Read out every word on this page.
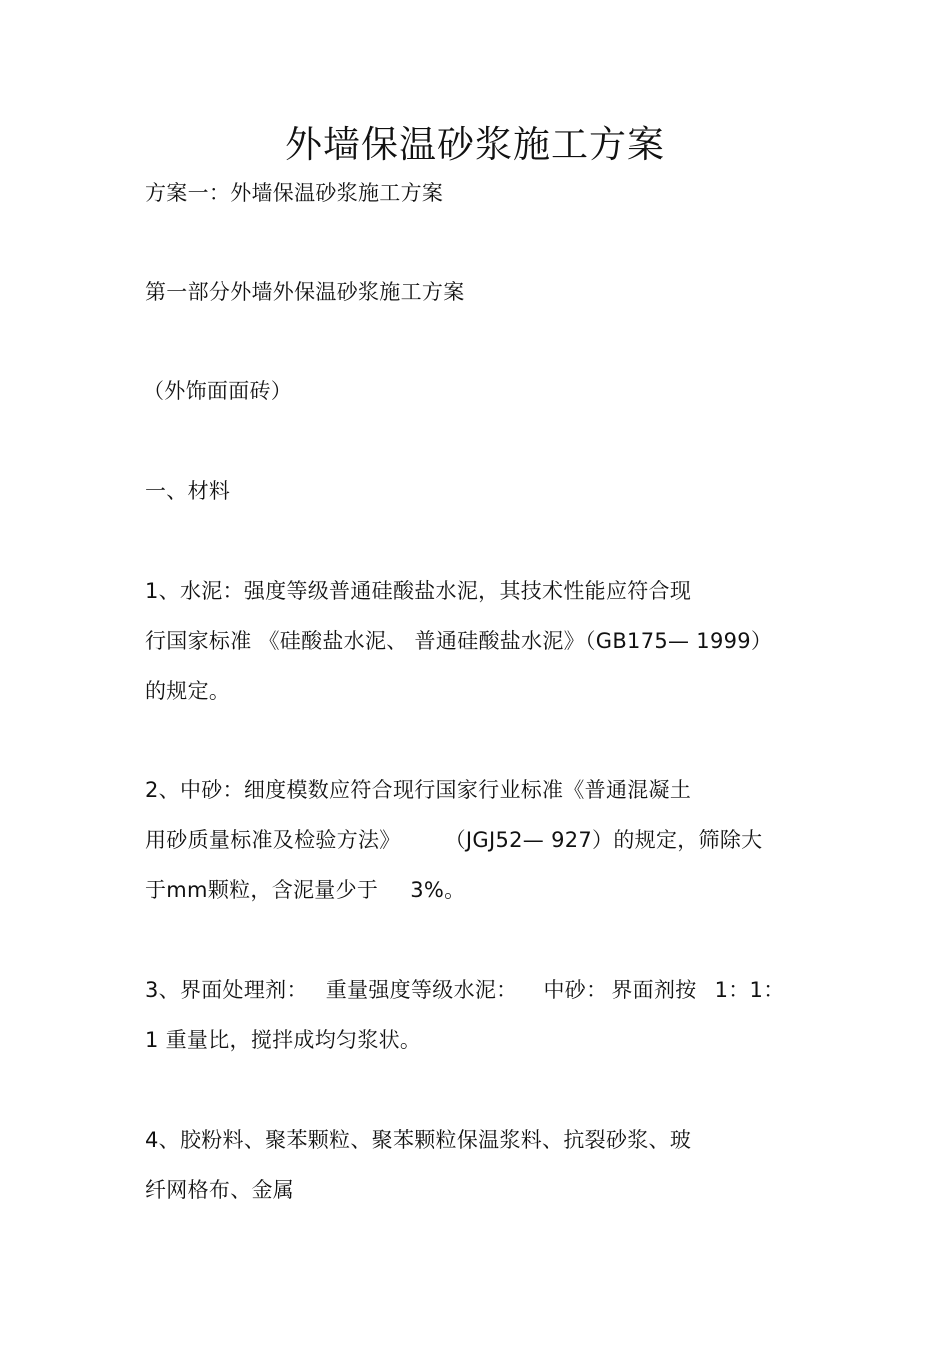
外墙保温砂浆施工方案
方案一：外墙保温砂浆施工方案
第一部分外墙外保温砂浆施工方案
（外饰面面砖）
一、材料
1、水泥：强度等级普通硅酸盐水泥，其技术性能应符合现
行国家标准 《硅酸盐水泥、 普通硅酸盐水泥》（GB175— 1999）
的规定。
2、中砂：细度模数应符合现行国家行业标准《普通混凝土
用砂质量标准及检验方法》 （JGJ52— 927）的规定，筛除大
于mm颗粒，含泥量少于 3%。
3、界面处理剂： 重量强度等级水泥： 中砂： 界面剂按 1：1：
1 重量比，搅拌成均匀浆状。
4、胶粉料、聚苯颗粒、聚苯颗粒保温浆料、抗裂砂浆、玻
纤网格布、金属
